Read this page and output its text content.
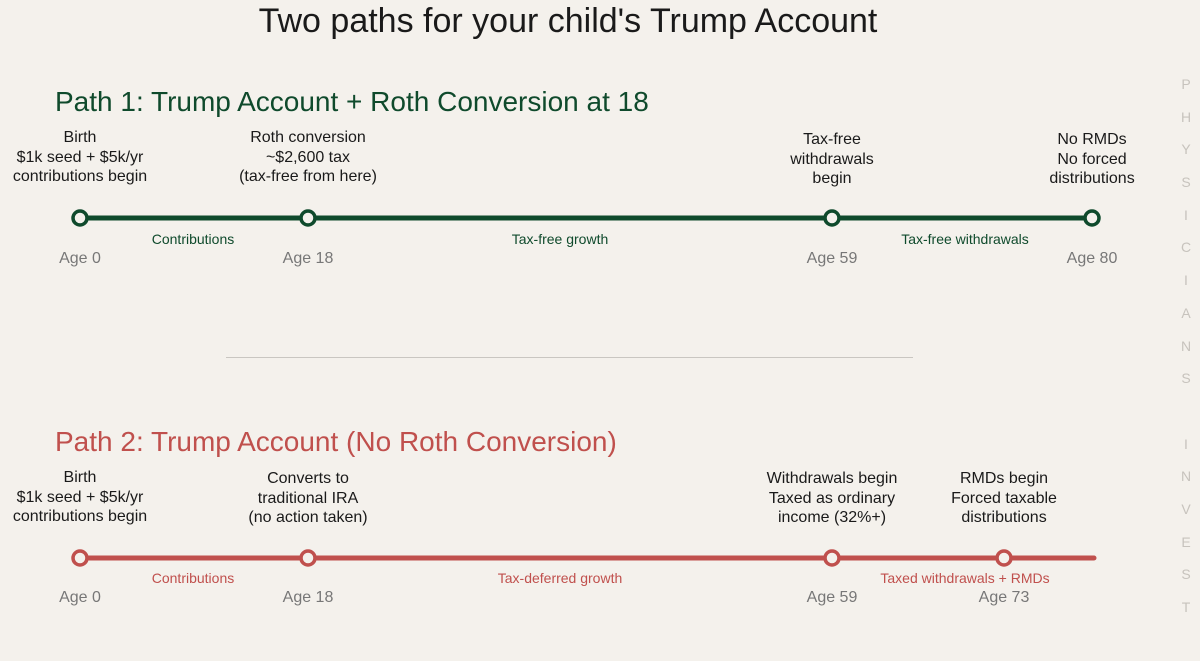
Two paths for your child's Trump Account
Path 1: Trump Account + Roth Conversion at 18
Birth
$1k seed + $5k/yr
contributions begin
Roth conversion
~$2,600 tax
(tax-free from here)
Tax-free
withdrawals
begin
No RMDs
No forced
distributions
Contributions	Tax-free growth	Tax-free withdrawals
Age 0	Age 18	Age 59	Age 80
Path 2: Trump Account (No Roth Conversion)
Birth
$1k seed + $5k/yr
contributions begin
Converts to
traditional IRA
(no action taken)
Withdrawals begin
Taxed as ordinary
income (32%+)
RMDs begin
Forced taxable
distributions
Contributions	Tax-deferred growth	Taxed withdrawals + RMDs
Age 0	Age 18	Age 59	Age 73
P
H
Y
S
I
C
I
A
N
S
I
N
V
E
S
T
